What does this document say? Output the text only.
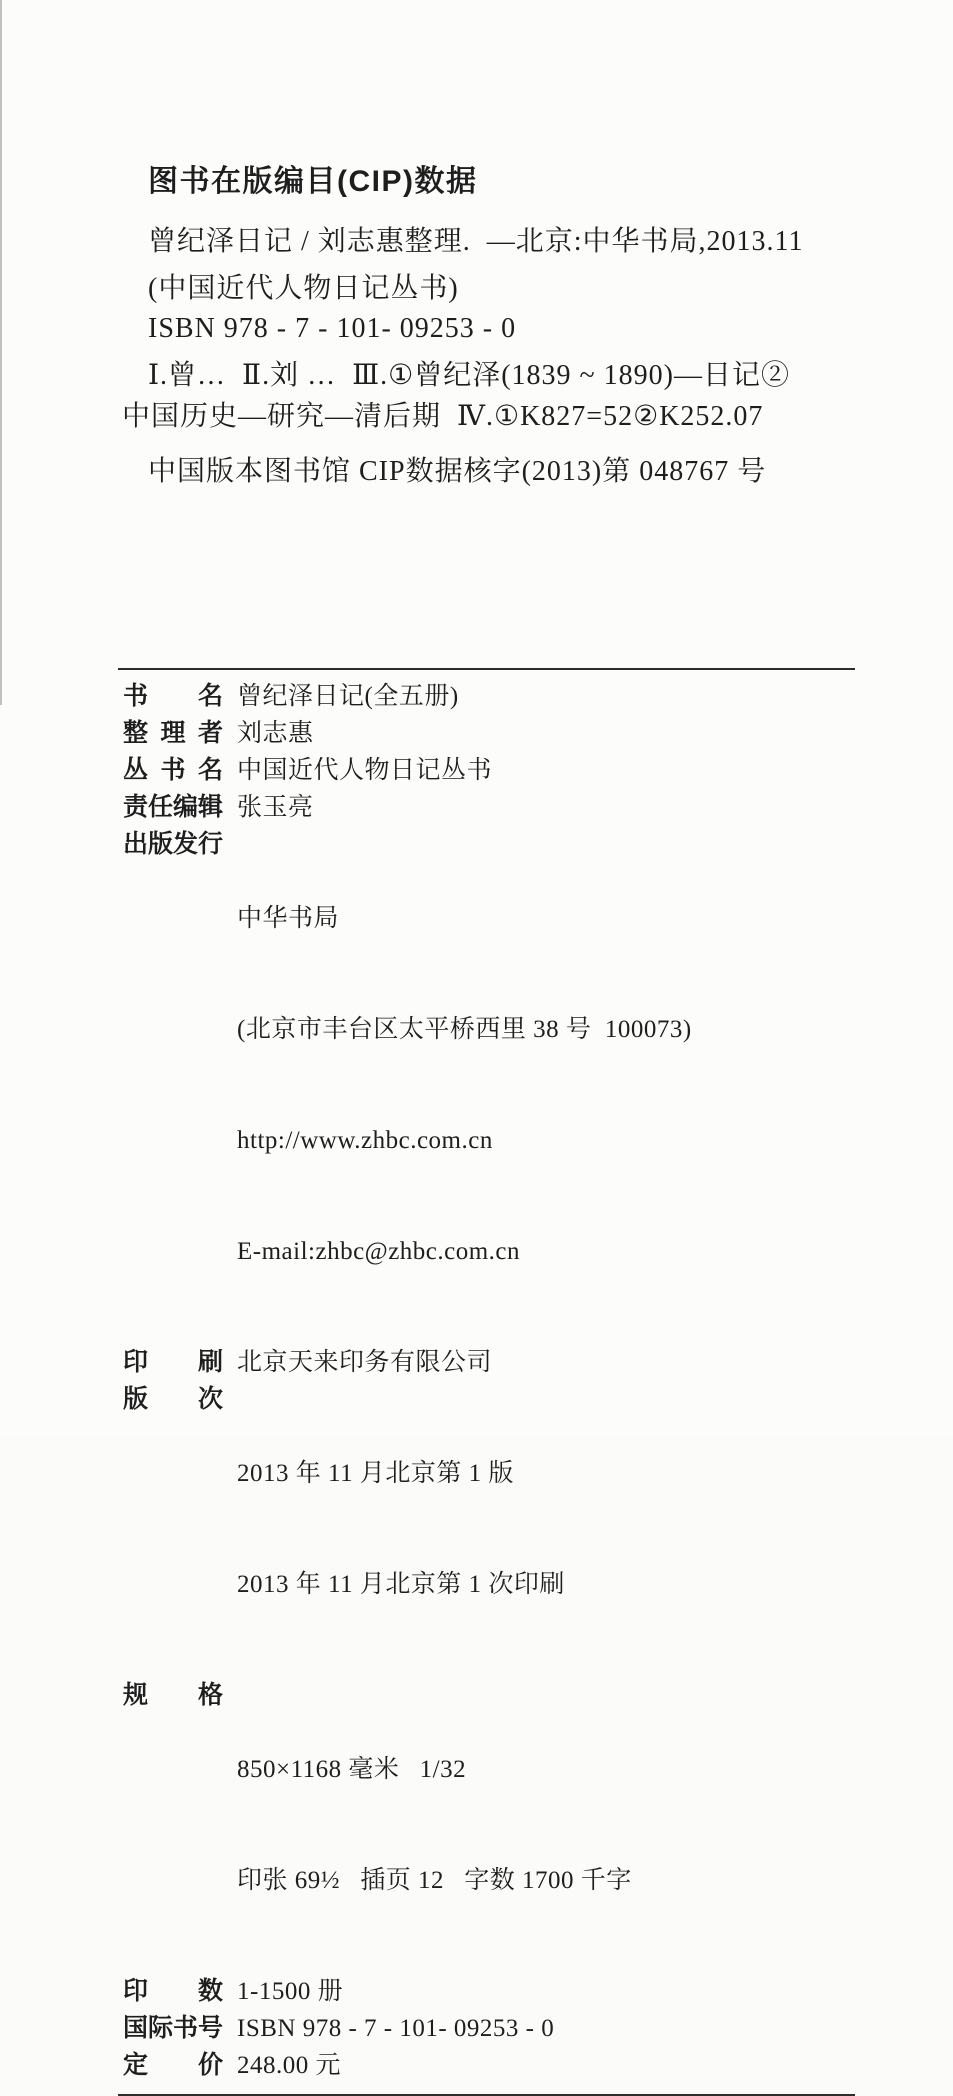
图书在版编目(CIP)数据

曾纪泽日记 / 刘志惠整理.  —北京:中华书局,2013.11

(中国近代人物日记丛书)

ISBN 978 - 7 - 101- 09253 - 0

Ⅰ.曾…  Ⅱ.刘 …  Ⅲ.①曾纪泽(1839 ~ 1890)—日记②

中国历史—研究—清后期  Ⅳ.①K827=52②K252.07

中国版本图书馆 CIP数据核字(2013)第 048767 号

书名 曾纪泽日记(全五册)
整理者 刘志惠
丛书名 中国近代人物日记丛书
责任编辑 张玉亮
出版发行

中华书局

(北京市丰台区太平桥西里 38 号  100073)

http://www.zhbc.com.cn

E-mail:zhbc@zhbc.com.cn

印刷 北京天来印务有限公司
版次

2013 年 11 月北京第 1 版

2013 年 11 月北京第 1 次印刷

规格

850×1168 毫米   1/32

印张 69½   插页 12   字数 1700 千字

印数 1-1500 册
国际书号 ISBN 978 - 7 - 101- 09253 - 0
定价 248.00 元
